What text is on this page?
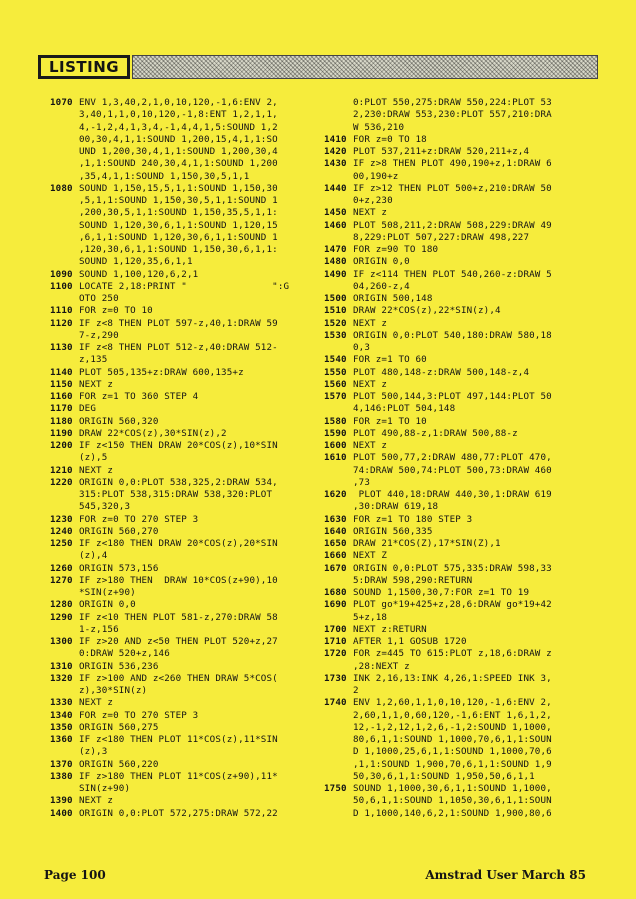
LISTING
1070 ENV 1,3,40,2,1,0,10,120,-1,6:ENV 2,
3,40,1,1,0,10,120,-1,8:ENT 1,2,1,1,
4,-1,2,4,1,3,4,-1,4,4,1,5:SOUND 1,2
00,30,4,1,1:SOUND 1,200,15,4,1,1:SO
UND 1,200,30,4,1,1:SOUND 1,200,30,4
,1,1:SOUND 240,30,4,1,1:SOUND 1,200
,35,4,1,1:SOUND 1,150,30,5,1,1
1080 SOUND 1,150,15,5,1,1:SOUND 1,150,30
,5,1,1:SOUND 1,150,30,5,1,1:SOUND 1
,200,30,5,1,1:SOUND 1,150,35,5,1,1:
SOUND 1,120,30,6,1,1:SOUND 1,120,15
,6,1,1:SOUND 1,120,30,6,1,1:SOUND 1
,120,30,6,1,1:SOUND 1,150,30,6,1,1:
SOUND 1,120,35,6,1,1
1090 SOUND 1,100,120,6,2,1
1100 LOCATE 2,18:PRINT "               ":G
OTO 250
1110 FOR z=0 TO 10
1120 IF z<8 THEN PLOT 597-z,40,1:DRAW 59
7-z,290
1130 IF z<8 THEN PLOT 512-z,40:DRAW 512-
z,135
1140 PLOT 505,135+z:DRAW 600,135+z
1150 NEXT z
1160 FOR z=1 TO 360 STEP 4
1170 DEG
1180 ORIGIN 560,320
1190 DRAW 22*COS(z),30*SIN(z),2
1200 IF z<150 THEN DRAW 20*COS(z),10*SIN
(z),5
1210 NEXT z
1220 ORIGIN 0,0:PLOT 538,325,2:DRAW 534,
315:PLOT 538,315:DRAW 538,320:PLOT
545,320,3
1230 FOR z=0 TO 270 STEP 3
1240 ORIGIN 560,270
1250 IF z<180 THEN DRAW 20*COS(z),20*SIN
(z),4
1260 ORIGIN 573,156
1270 IF z>180 THEN  DRAW 10*COS(z+90),10
*SIN(z+90)
1280 ORIGIN 0,0
1290 IF z<10 THEN PLOT 581-z,270:DRAW 58
1-z,156
1300 IF z>20 AND z<50 THEN PLOT 520+z,27
0:DRAW 520+z,146
1310 ORIGIN 536,236
1320 IF z>100 AND z<260 THEN DRAW 5*COS(
z),30*SIN(z)
1330 NEXT z
1340 FOR z=0 TO 270 STEP 3
1350 ORIGIN 560,275
1360 IF z<180 THEN PLOT 11*COS(z),11*SIN
(z),3
1370 ORIGIN 560,220
1380 IF z>180 THEN PLOT 11*COS(z+90),11*
SIN(z+90)
1390 NEXT z
1400 ORIGIN 0,0:PLOT 572,275:DRAW 572,22
0:PLOT 550,275:DRAW 550,224:PLOT 53
2,230:DRAW 553,230:PLOT 557,210:DRA
W 536,210
1410 FOR z=0 TO 18
1420 PLOT 537,211+z:DRAW 520,211+z,4
1430 IF z>8 THEN PLOT 490,190+z,1:DRAW 6
00,190+z
1440 IF z>12 THEN PLOT 500+z,210:DRAW 50
0+z,230
1450 NEXT z
1460 PLOT 508,211,2:DRAW 508,229:DRAW 49
8,229:PLOT 507,227:DRAW 498,227
1470 FOR z=90 TO 180
1480 ORIGIN 0,0
1490 IF z<114 THEN PLOT 540,260-z:DRAW 5
04,260-z,4
1500 ORIGIN 500,148
1510 DRAW 22*COS(z),22*SIN(z),4
1520 NEXT z
1530 ORIGIN 0,0:PLOT 540,180:DRAW 580,18
0,3
1540 FOR z=1 TO 60
1550 PLOT 480,148-z:DRAW 500,148-z,4
1560 NEXT z
1570 PLOT 500,144,3:PLOT 497,144:PLOT 50
4,146:PLOT 504,148
1580 FOR z=1 TO 10
1590 PLOT 490,88-z,1:DRAW 500,88-z
1600 NEXT z
1610 PLOT 500,77,2:DRAW 480,77:PLOT 470,
74:DRAW 500,74:PLOT 500,73:DRAW 460
,73
1620 PLOT 440,18:DRAW 440,30,1:DRAW 619
,30:DRAW 619,18
1630 FOR z=1 TO 180 STEP 3
1640 ORIGIN 560,335
1650 DRAW 21*COS(Z),17*SIN(Z),1
1660 NEXT Z
1670 ORIGIN 0,0:PLOT 575,335:DRAW 598,33
5:DRAW 598,290:RETURN
1680 SOUND 1,1500,30,7:FOR z=1 TO 19
1690 PLOT go*19+425+z,28,6:DRAW go*19+42
5+z,18
1700 NEXT z:RETURN
1710 AFTER 1,1 GOSUB 1720
1720 FOR z=445 TO 615:PLOT z,18,6:DRAW z
,28:NEXT z
1730 INK 2,16,13:INK 4,26,1:SPEED INK 3,
2
1740 ENV 1,2,60,1,1,0,10,120,-1,6:ENV 2,
2,60,1,1,0,60,120,-1,6:ENT 1,6,1,2,
12,-1,2,12,1,2,6,-1,2:SOUND 1,1000,
80,6,1,1:SOUND 1,1000,70,6,1,1:SOUN
D 1,1000,25,6,1,1:SOUND 1,1000,70,6
,1,1:SOUND 1,900,70,6,1,1:SOUND 1,9
50,30,6,1,1:SOUND 1,950,50,6,1,1
1750 SOUND 1,1000,30,6,1,1:SOUND 1,1000,
50,6,1,1:SOUND 1,1050,30,6,1,1:SOUN
D 1,1000,140,6,2,1:SOUND 1,900,80,6
Page 100	Amstrad User March 85
